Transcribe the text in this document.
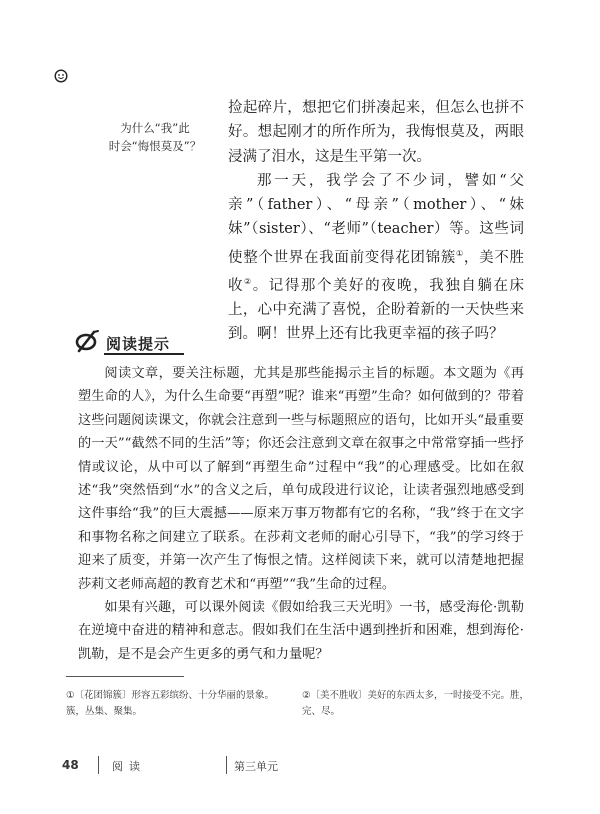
为什么“我”此
时会“悔恨莫及”？

捡起碎片，想把它们拼凑起来，但怎么也拼不好。想起刚才的所作所为，我悔恨莫及，两眼浸满了泪水，这是生平第一次。

那一天，我学会了不少词，譬如“父亲”（father）、“母亲”（mother）、“妹妹”（sister）、“老师”（teacher）等。这些词使整个世界在我面前变得花团锦簇①，美不胜收②。记得那个美好的夜晚，我独自躺在床上，心中充满了喜悦，企盼着新的一天快些来到。啊！世界上还有比我更幸福的孩子吗？

阅读提示

阅读文章，要关注标题，尤其是那些能揭示主旨的标题。本文题为《再塑生命的人》，为什么生命要“再塑”呢？谁来“再塑”生命？如何做到的？带着这些问题阅读课文，你就会注意到一些与标题照应的语句，比如开头“最重要的一天”“截然不同的生活”等；你还会注意到文章在叙事之中常常穿插一些抒情或议论，从中可以了解到“再塑生命”过程中“我”的心理感受。比如在叙述“我”突然悟到“水”的含义之后，单句成段进行议论，让读者强烈地感受到这件事给“我”的巨大震撼——原来万事万物都有它的名称，“我”终于在文字和事物名称之间建立了联系。在莎莉文老师的耐心引导下，“我”的学习终于迎来了质变，并第一次产生了悔恨之情。这样阅读下来，就可以清楚地把握莎莉文老师高超的教育艺术和“再塑”“我”生命的过程。

如果有兴趣，可以课外阅读《假如给我三天光明》一书，感受海伦·凯勒在逆境中奋进的精神和意志。假如我们在生活中遇到挫折和困难，想到海伦·凯勒，是不是会产生更多的勇气和力量呢？

①〔花团锦簇〕形容五彩缤纷、十分华丽的景象。簇，丛集、聚集。
②〔美不胜收〕美好的东西太多，一时接受不完。胜，完、尽。
48	阅读	第三单元
